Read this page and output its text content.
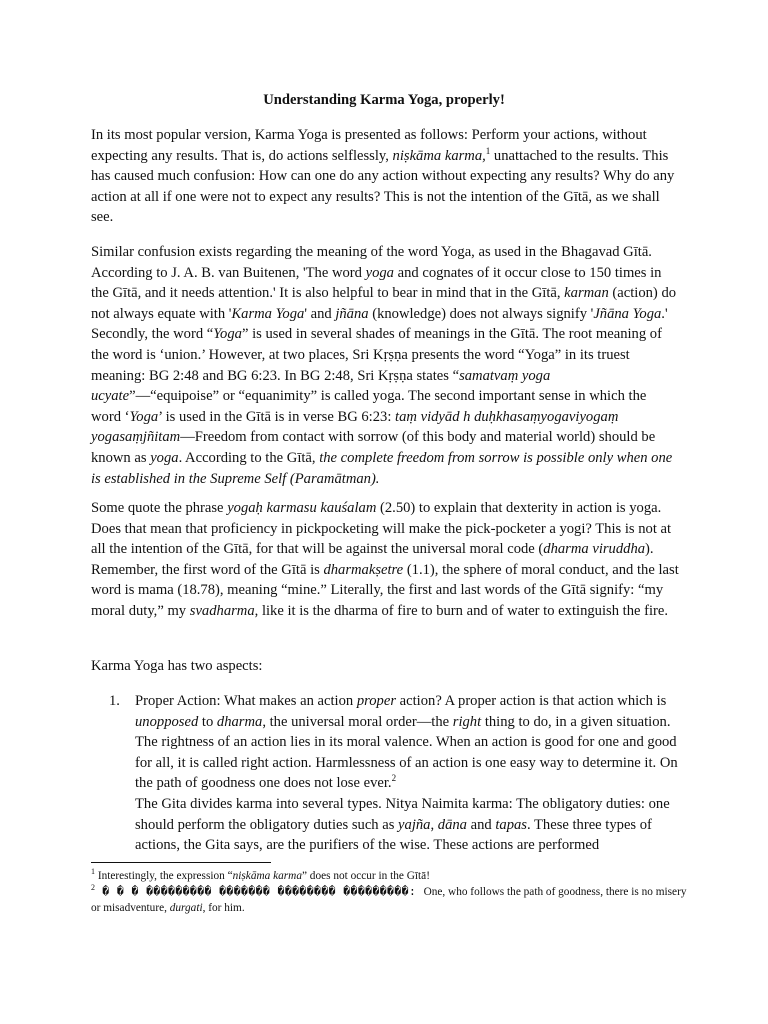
Understanding Karma Yoga, properly!

In its most popular version, Karma Yoga is presented as follows: Perform your actions, without expecting any results. That is, do actions selflessly, niṣkāma karma,$^1$ unattached to the results. This has caused much confusion: How can one do any action without expecting any results? Why do any action at all if one were not to expect any results? This is not the intention of the Gītā, as we shall see.

Similar confusion exists regarding the meaning of the word Yoga, as used in the Bhagavad Gītā. According to J. A. B. van Buitenen, 'The word yoga and cognates of it occur close to 150 times in the Gītā, and it needs attention.' It is also helpful to bear in mind that in the Gītā, karman (action) do not always equate with 'Karma Yoga' and jñāna (knowledge) does not always signify 'Jñāna Yoga.' Secondly, the word “Yoga” is used in several shades of meanings in the Gītā. The root meaning of the word is ‘union.’ However, at two places, Sri Kṛṣṇa presents the word “Yoga” in its truest meaning: BG 2:48 and BG 6:23. In BG 2:48, Sri Kṛṣṇa states “samatvaṃ yoga ucyate”—“equipoise” or “equanimity” is called yoga. The second important sense in which the word ‘Yoga’ is used in the Gītā is in verse BG 6:23: taṃ vidyād h duḥkhasaṃyogaviyogaṃ yogasaṃjñitam—Freedom from contact with sorrow (of this body and material world) should be known as yoga. According to the Gītā, the complete freedom from sorrow is possible only when one is established in the Supreme Self (Paramātman).

Some quote the phrase yogaḥ karmasu kauśalam (2.50) to explain that dexterity in action is yoga. Does that mean that proficiency in pickpocketing will make the pick-pocketer a yogi? This is not at all the intention of the Gītā, for that will be against the universal moral code (dharma viruddha). Remember, the first word of the Gītā is dharmakṣetre (1.1), the sphere of moral conduct, and the last word is mama (18.78), meaning “mine.” Literally, the first and last words of the Gītā signify: “my moral duty,” my svadharma, like it is the dharma of fire to burn and of water to extinguish the fire.

Karma Yoga has two aspects:

1. Proper Action: What makes an action proper action? A proper action is that action which is unopposed to dharma, the universal moral order—the right thing to do, in a given situation. The rightness of an action lies in its moral valence. When an action is good for one and good for all, it is called right action. Harmlessness of an action is one easy way to determine it. On the path of goodness one does not lose ever.$^2$
The Gita divides karma into several types. Nitya Naimita karma: The obligatory duties: one should perform the obligatory duties such as yajña, dāna and tapas. These three types of actions, the Gita says, are the purifiers of the wise. These actions are performed
$^1$ Interestingly, the expression “niṣkāma karma” does not occur in the Gītā!
$^2$ � � � ��������� ������� �������� ���������: One, who follows the path of goodness, there is no misery or misadventure, durgati, for him.
